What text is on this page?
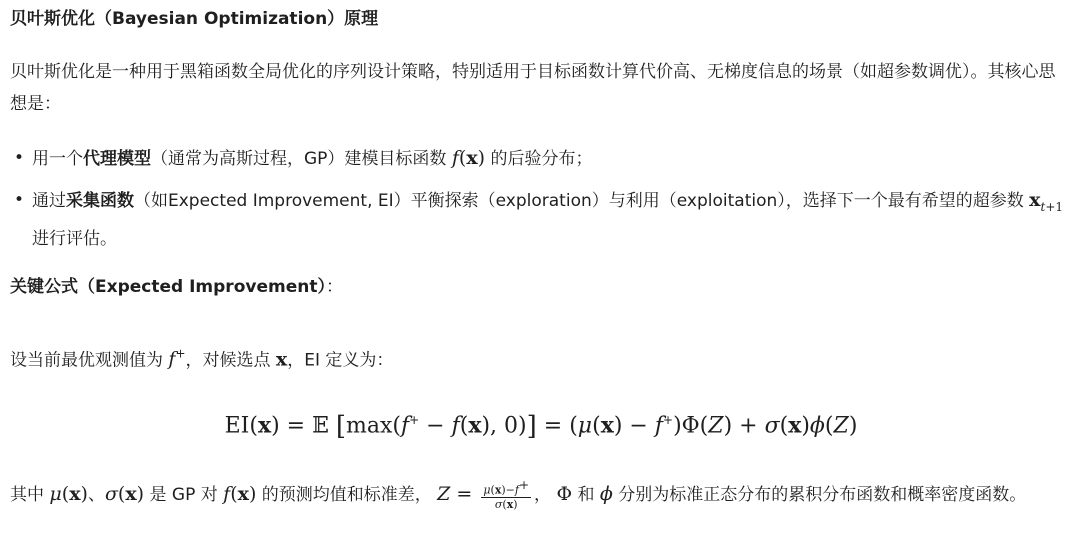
贝叶斯优化（Bayesian Optimization）原理
贝叶斯优化是一种用于黑箱函数全局优化的序列设计策略，特别适用于目标函数计算代价高、无梯度信息的场景（如超参数调优）。其核心思想是：
• 用一个代理模型（通常为高斯过程，GP）建模目标函数 f(x) 的后验分布；
• 通过采集函数（如Expected Improvement, EI）平衡探索（exploration）与利用（exploitation），选择下一个最有希望的超参数 $x_{t+1}$ 进行评估。
关键公式（Expected Improvement）：
设当前最优观测值为 f+，对候选点 x，EI 定义为：
EI(x) = 𝔼 [max(f+ − f(x), 0)] = (μ(x) − f+)Φ(Z) + σ(x)ϕ(Z)
其中 μ(x)、σ(x) 是 GP 对 f(x) 的预测均值和标准差， $Z = \frac{\mu(x)-f^+}{\sigma(x)}$ ， Φ 和 ϕ 分别为标准正态分布的累积分布函数和概率密度函数。
